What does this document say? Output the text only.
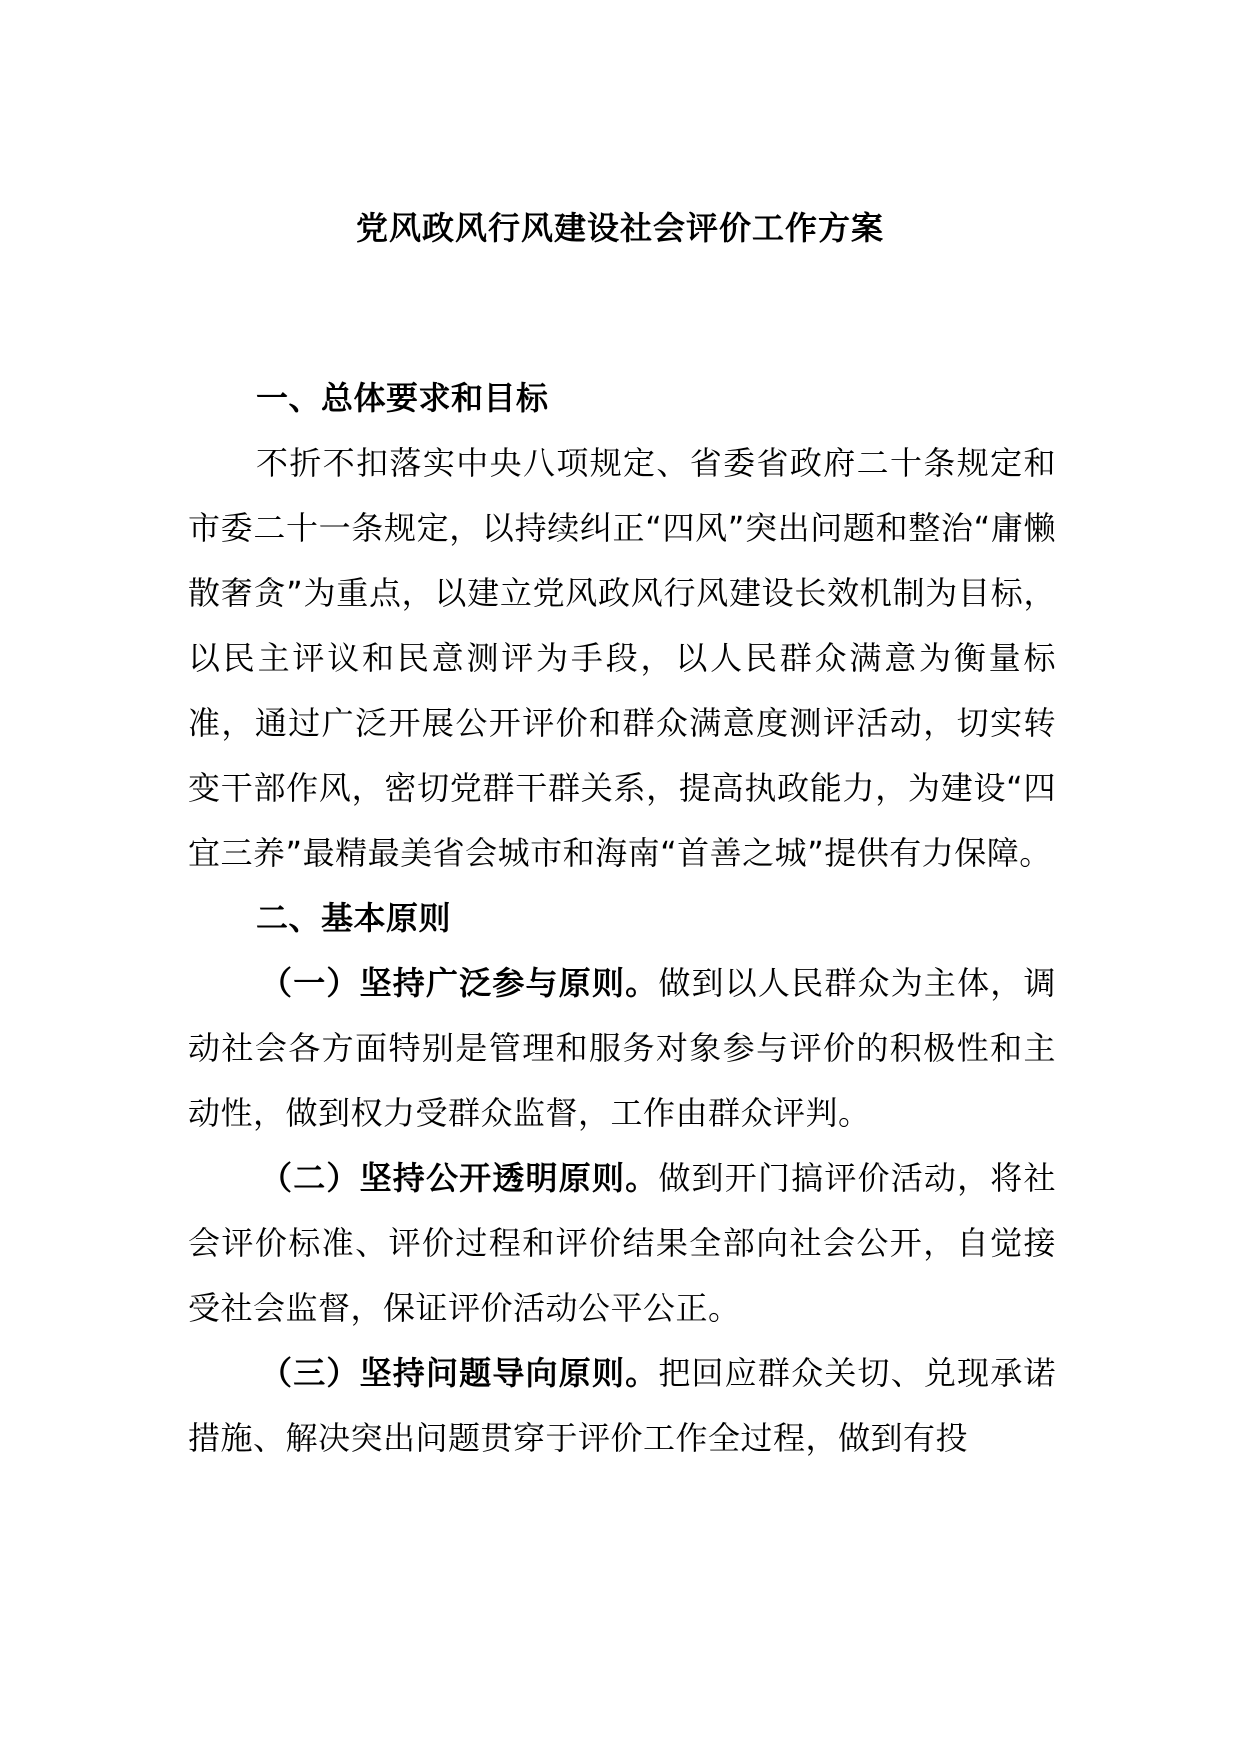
党风政风行风建设社会评价工作方案

一、总体要求和目标

不折不扣落实中央八项规定、省委省政府二十条规定和市委二十一条规定，以持续纠正“四风”突出问题和整治“庸懒散奢贪”为重点，以建立党风政风行风建设长效机制为目标，以民主评议和民意测评为手段，以人民群众满意为衡量标准，通过广泛开展公开评价和群众满意度测评活动，切实转变干部作风，密切党群干群关系，提高执政能力，为建设“四宜三养”最精最美省会城市和海南“首善之城”提供有力保障。

二、基本原则

（一）坚持广泛参与原则。做到以人民群众为主体，调动社会各方面特别是管理和服务对象参与评价的积极性和主动性，做到权力受群众监督，工作由群众评判。

（二）坚持公开透明原则。做到开门搞评价活动，将社会评价标准、评价过程和评价结果全部向社会公开，自觉接受社会监督，保证评价活动公平公正。

（三）坚持问题导向原则。把回应群众关切、兑现承诺措施、解决突出问题贯穿于评价工作全过程，做到有投
